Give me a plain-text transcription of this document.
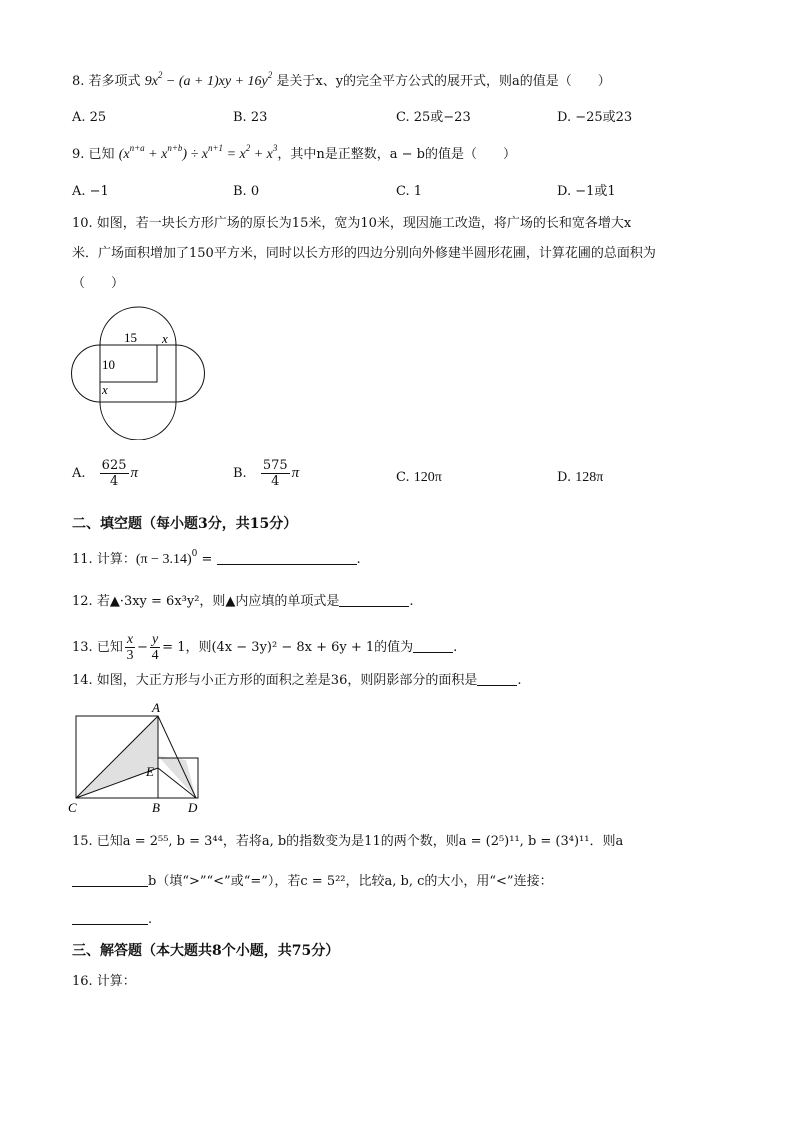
8. 若多项式 $9x^2 - (a + 1)xy + 16y^2$ 是关于x、y的完全平方公式的展开式，则a的值是（　　）
A. 25	B. 23	C. 25或−23	D. −25或23
9. 已知 $(x^{n+a} + x^{n+b}) \div x^{n+1} = x^2 + x^3$，其中n是正整数，a − b的值是（　　）
A. −1	B. 0	C. 1	D. −1或1
10. 如图，若一块长方形广场的原长为15米，宽为10米，现因施工改造，将广场的长和宽各增大x
米．广场面积增加了150平方米，同时以长方形的四边分别向外修建半圆形花圃，计算花圃的总面积为
（　　）
15 x
10
x
A. $\frac{625}{4}$ π	B. $\frac{575}{4}$ π	C. 120π	D. 128π
二、填空题（每小题3分，共15分）
11. 计算：$(\pi - 3.14)^0$ =	.
12. 若▲·3xy = 6x³y²，则▲内应填的单项式是	.
13. 已知 $\frac{x}{3} - \frac{y}{4} = 1$，则(4x − 3y)² − 8x + 6y + 1的值为	.
14. 如图，大正方形与小正方形的面积之差是36，则阴影部分的面积是	.
A
C	B D
E
15. 已知a = 2⁵⁵, b = 3⁴⁴，若将a, b的指数变为是11的两个数，则a = (2⁵)¹¹, b = (3⁴)¹¹．则a
b（填“>”“<”或“=”），若c = 5²²，比较a, b, c的大小，用“<”连接：
.
三、解答题（本大题共8个小题，共75分）
16. 计算：
